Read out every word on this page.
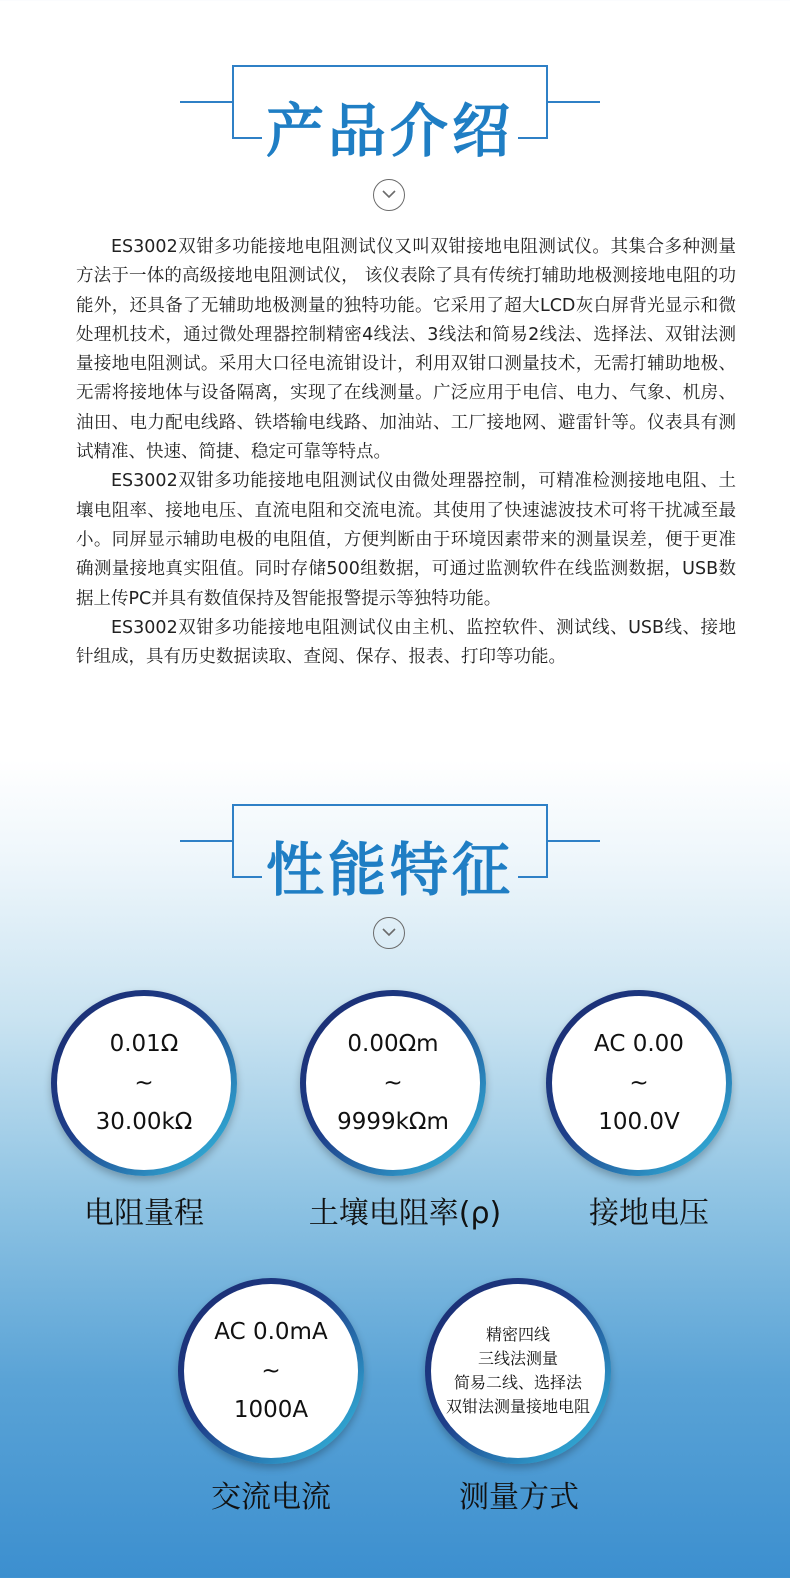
产品介绍

ES3002双钳多功能接地电阻测试仪又叫双钳接地电阻测试仪。其集合多种测量方法于一体的高级接地电阻测试仪， 该仪表除了具有传统打辅助地极测接地电阻的功能外，还具备了无辅助地极测量的独特功能。它采用了超大LCD灰白屏背光显示和微处理机技术，通过微处理器控制精密4线法、3线法和简易2线法、选择法、双钳法测量接地电阻测试。采用大口径电流钳设计，利用双钳口测量技术，无需打辅助地极、无需将接地体与设备隔离，实现了在线测量。广泛应用于电信、电力、气象、机房、油田、电力配电线路、铁塔输电线路、加油站、工厂接地网、避雷针等。仪表具有测试精准、快速、简捷、稳定可靠等特点。

ES3002双钳多功能接地电阻测试仪由微处理器控制，可精准检测接地电阻、土壤电阻率、接地电压、直流电阻和交流电流。其使用了快速滤波技术可将干扰减至最小。同屏显示辅助电极的电阻值，方便判断由于环境因素带来的测量误差，便于更准确测量接地真实阻值。同时存储500组数据，可通过监测软件在线监测数据，USB数据上传PC并具有数值保持及智能报警提示等独特功能。

ES3002双钳多功能接地电阻测试仪由主机、监控软件、测试线、USB线、接地针组成，具有历史数据读取、查阅、保存、报表、打印等功能。

性能特征
0.01Ω
~
30.00kΩ
电阻量程
0.00Ωm
~
9999kΩm
土壤电阻率(ρ)
AC 0.00
~
100.0V
接地电压
AC 0.0mA
~
1000A
交流电流
精密四线
三线法测量
简易二线、选择法
双钳法测量接地电阻
测量方式
